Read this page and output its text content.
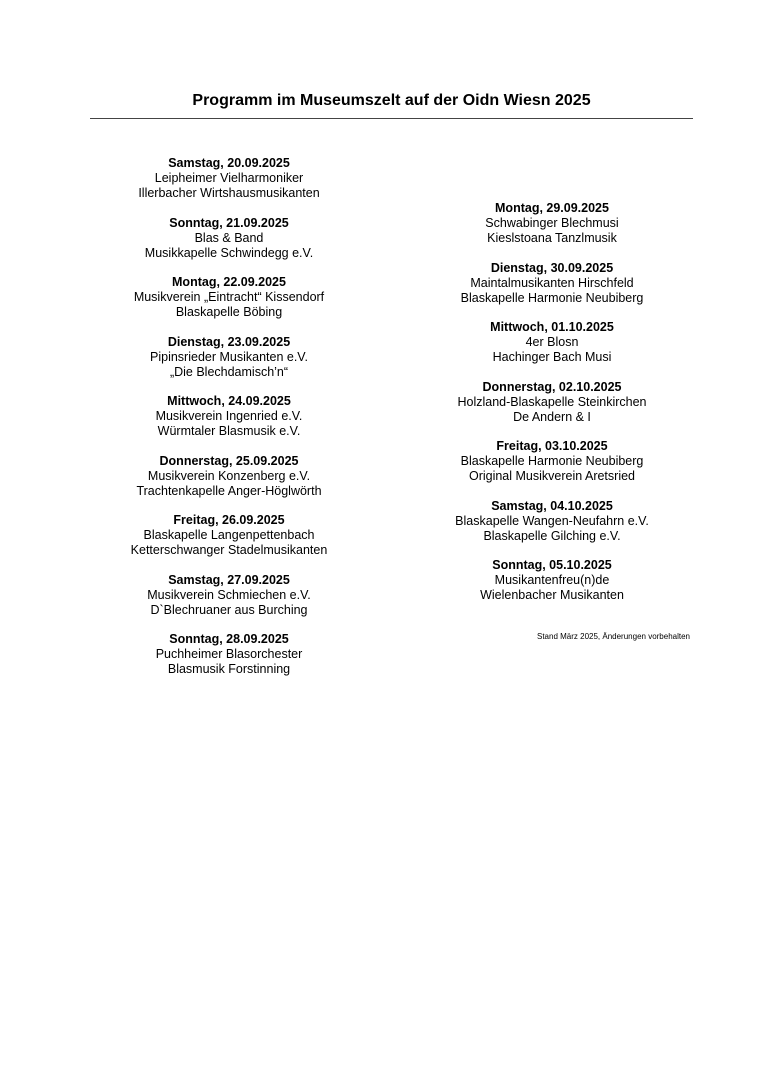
Programm im Museumszelt auf der Oidn Wiesn 2025
Samstag, 20.09.2025
Leipheimer Vielharmoniker
Illerbacher Wirtshausmusikanten
Sonntag, 21.09.2025
Blas & Band
Musikkapelle Schwindegg e.V.
Montag, 22.09.2025
Musikverein „Eintracht“ Kissendorf
Blaskapelle Böbing
Dienstag, 23.09.2025
Pipinsrieder Musikanten e.V.
„Die Blechdamisch’n“
Mittwoch, 24.09.2025
Musikverein Ingenried e.V.
Würmtaler Blasmusik e.V.
Donnerstag, 25.09.2025
Musikverein Konzenberg e.V.
Trachtenkapelle Anger-Höglwörth
Freitag, 26.09.2025
Blaskapelle Langenpettenbach
Ketterschwanger Stadelmusikanten
Samstag, 27.09.2025
Musikverein Schmiechen e.V.
D`Blechruaner aus Burching
Sonntag, 28.09.2025
Puchheimer Blasorchester
Blasmusik Forstinning
Montag, 29.09.2025
Schwabinger Blechmusi
Kieslstoana Tanzlmusik
Dienstag, 30.09.2025
Maintalmusikanten Hirschfeld
Blaskapelle Harmonie Neubiberg
Mittwoch, 01.10.2025
4er Blosn
Hachinger Bach Musi
Donnerstag, 02.10.2025
Holzland-Blaskapelle Steinkirchen
De Andern & I
Freitag, 03.10.2025
Blaskapelle Harmonie Neubiberg
Original Musikverein Aretsried
Samstag, 04.10.2025
Blaskapelle Wangen-Neufahrn e.V.
Blaskapelle Gilching e.V.
Sonntag, 05.10.2025
Musikantenfreu(n)de
Wielenbacher Musikanten
Stand März 2025, Änderungen vorbehalten
